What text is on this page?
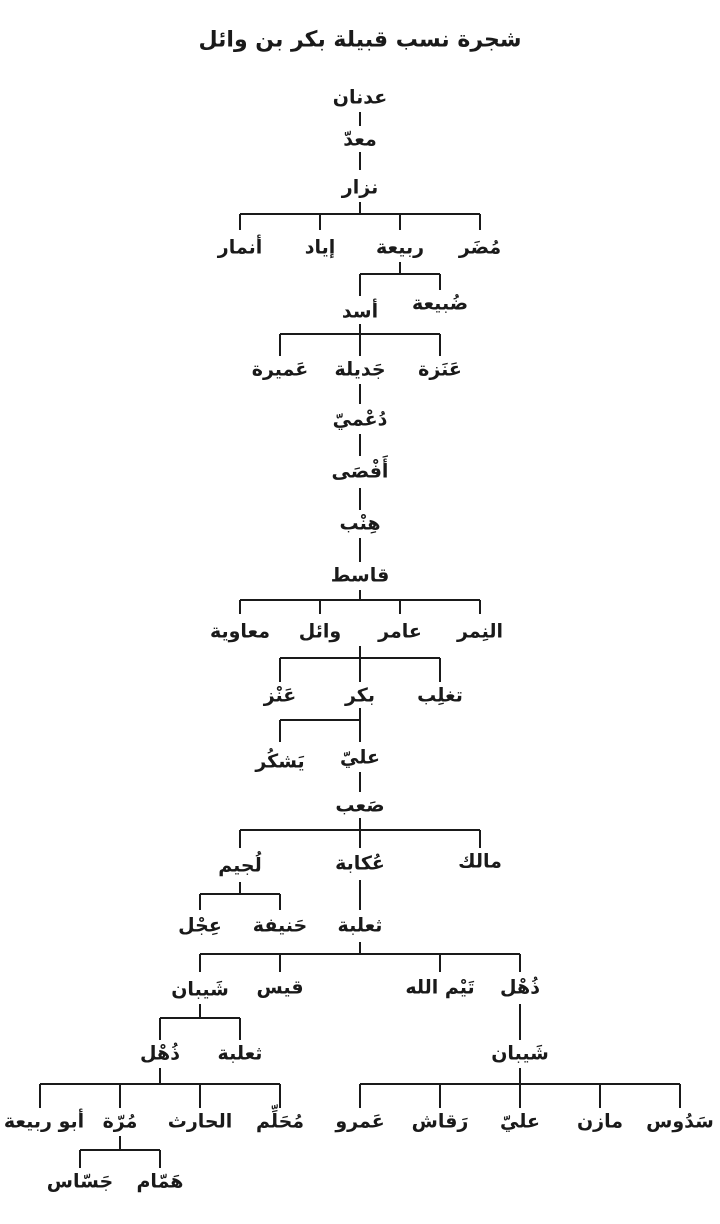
شجرة نسب قبيلة بكر بن وائل
عدنان
معدّ
نزار
مُضَر
ربيعة
إياد
أنمار
ضُبيعة
أسد
عَنَزة
جَديلة
عَميرة
دُعْميّ
أَفْصَى
هِنْب
قاسط
النِمر
عامر
وائل
معاوية
تغلِب
بكر
عَنْز
عليّ
يَشكُر
صَعب
مالك
عُكابة
لُجيم
حَنيفة
عِجْل	ثعلبة
ذُهْل
تَيْم الله
قيس
شَيبان
ثعلبة
ذُهْل	شَيبان
مُحَلِّم
الحارث
مُرّة
أبو ربيعة
هَمّام
جَسّاس
سَدُوس
مازن
عليّ
رَقاش
عَمرو
